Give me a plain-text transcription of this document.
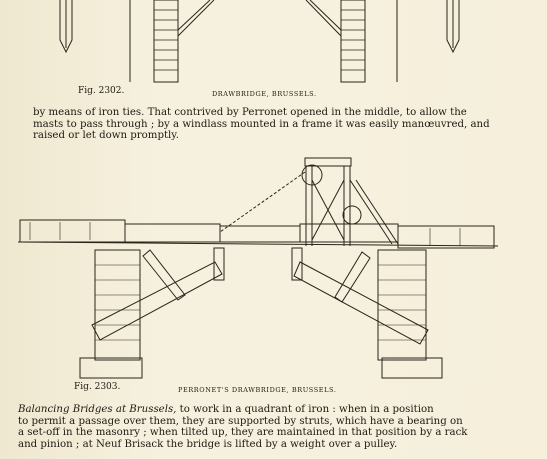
Fig. 2302.	DRAWBRIDGE, BRUSSELS.
by means of iron ties. That contrived by Perronet opened in the middle, to allow the
masts to pass through ; by a windlass mounted in a frame it was easily manœuvred, and
raised or let down promptly.
Fig. 2303.	PERRONET'S DRAWBRIDGE, BRUSSELS.
Balancing Bridges at Brussels, to work in a quadrant of iron : when in a position
to permit a passage over them, they are supported by struts, which have a bearing on
a set-off in the masonry ; when tilted up, they are maintained in that position by a rack
and pinion ; at Neuf Brisack the bridge is lifted by a weight over a pulley.
